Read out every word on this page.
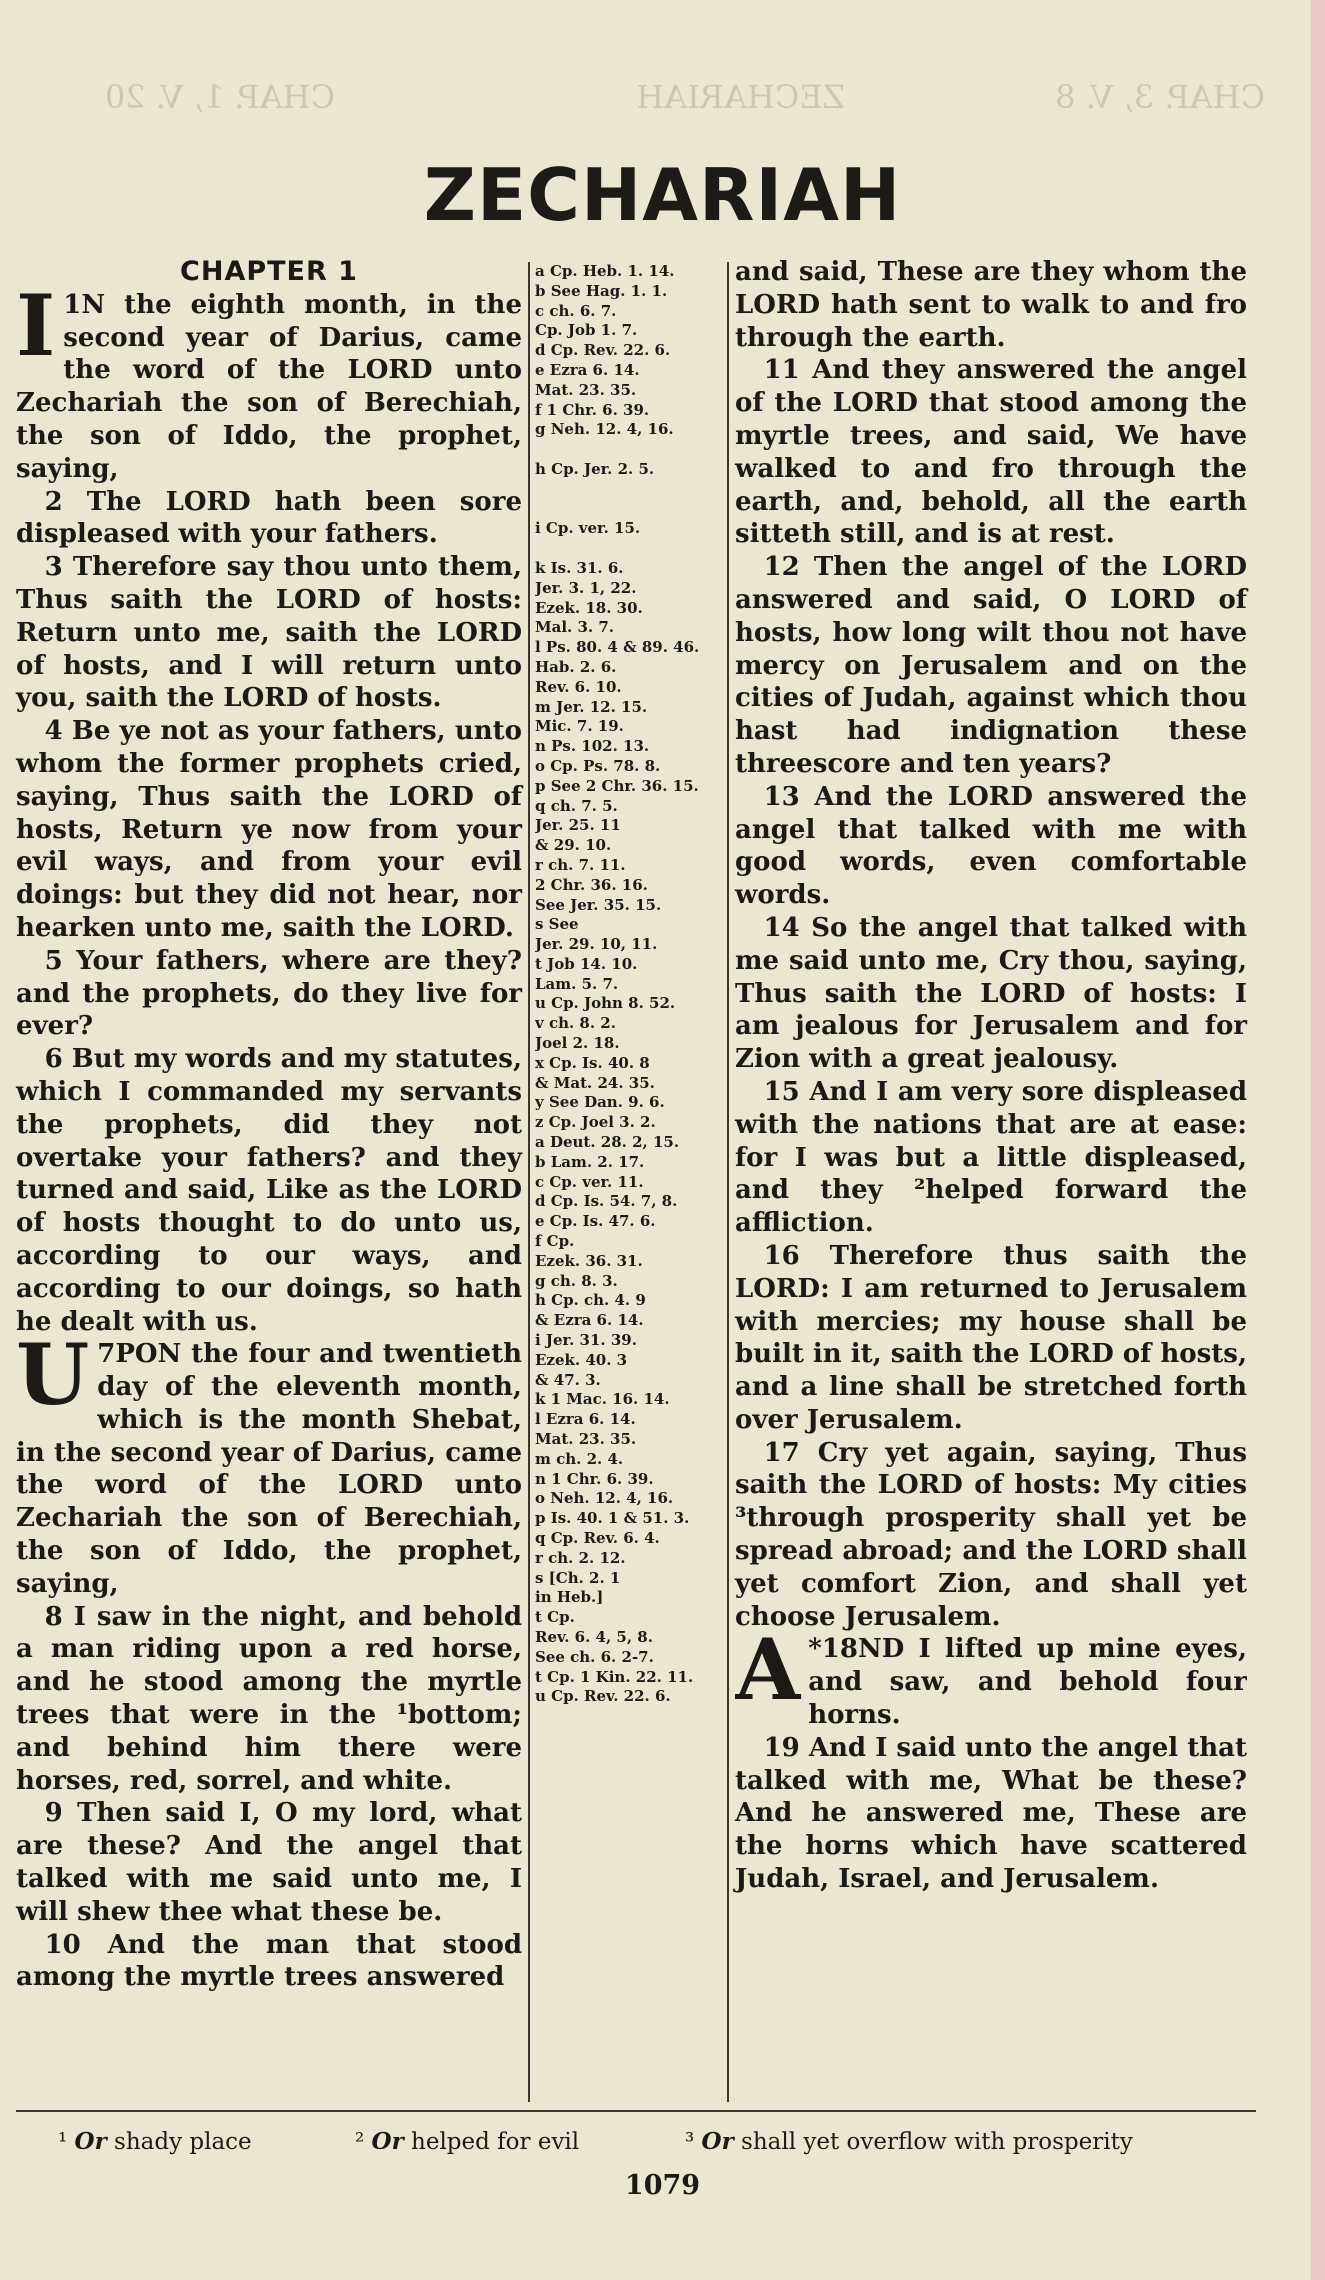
CHAP. 3, V. 8
ZECHARIAH
CHAP. 1, V. 20
ZECHARIAH

CHAPTER 1

1
I N the eighth month, in the second year of Darius, came the word of the LORD unto Zechariah the son of Berechiah, the son of Iddo, the prophet, saying,

2 The LORD hath been sore displeased with your fathers.

3 Therefore say thou unto them, Thus saith the LORD of hosts: Return unto me, saith the LORD of hosts, and I will return unto you, saith the LORD of hosts.

4 Be ye not as your fathers, unto whom the former prophets cried, saying, Thus saith the LORD of hosts, Return ye now from your evil ways, and from your evil doings: but they did not hear, nor hearken unto me, saith the LORD.

5 Your fathers, where are they? and the prophets, do they live for ever?

6 But my words and my statutes, which I commanded my servants the prophets, did they not overtake your fathers? and they turned and said, Like as the LORD of hosts thought to do unto us, according to our ways, and according to our doings, so hath he dealt with us.

7
U PON the four and twentieth day of the eleventh month, which is the month Shebat, in the second year of Darius, came the word of the LORD unto Zechariah the son of Berechiah, the son of Iddo, the prophet, saying,

8 I saw in the night, and behold a man riding upon a red horse, and he stood among the myrtle trees that were in the ¹bottom; and behind him there were horses, red, sorrel, and white.

9 Then said I, O my lord, what are these? And the angel that talked with me said unto me, I will shew thee what these be.

10 And the man that stood among the myrtle trees answered

a Cp. Heb. 1. 14.
b See Hag. 1. 1.
c ch. 6. 7.
Cp. Job 1. 7.
d Cp. Rev. 22. 6.
e Ezra 6. 14.
Mat. 23. 35.
f 1 Chr. 6. 39.
g Neh. 12. 4, 16.

h Cp. Jer. 2. 5.

i Cp. ver. 15.

k Is. 31. 6.
Jer. 3. 1, 22.
Ezek. 18. 30.
Mal. 3. 7.
l Ps. 80. 4 & 89. 46.
Hab. 2. 6.
Rev. 6. 10.
m Jer. 12. 15.
Mic. 7. 19.
n Ps. 102. 13.
o Cp. Ps. 78. 8.
p See 2 Chr. 36. 15.
q ch. 7. 5.
Jer. 25. 11
& 29. 10.
r ch. 7. 11.
2 Chr. 36. 16.
See Jer. 35. 15.
s See
Jer. 29. 10, 11.
t Job 14. 10.
Lam. 5. 7.
u Cp. John 8. 52.
v ch. 8. 2.
Joel 2. 18.
x Cp. Is. 40. 8
& Mat. 24. 35.
y See Dan. 9. 6.
z Cp. Joel 3. 2.
a Deut. 28. 2, 15.
b Lam. 2. 17.
c Cp. ver. 11.
d Cp. Is. 54. 7, 8.
e Cp. Is. 47. 6.
f Cp.
Ezek. 36. 31.
g ch. 8. 3.
h Cp. ch. 4. 9
& Ezra 6. 14.
i Jer. 31. 39.
Ezek. 40. 3
& 47. 3.
k 1 Mac. 16. 14.
l Ezra 6. 14.
Mat. 23. 35.
m ch. 2. 4.
n 1 Chr. 6. 39.
o Neh. 12. 4, 16.
p Is. 40. 1 & 51. 3.
q Cp. Rev. 6. 4.
r ch. 2. 12.
s [Ch. 2. 1
in Heb.]
t Cp.
Rev. 6. 4, 5, 8.
See ch. 6. 2-7.
t Cp. 1 Kin. 22. 11.
u Cp. Rev. 22. 6.

and said, These are they whom the LORD hath sent to walk to and fro through the earth.

11 And they answered the angel of the LORD that stood among the myrtle trees, and said, We have walked to and fro through the earth, and, behold, all the earth sitteth still, and is at rest.

12 Then the angel of the LORD answered and said, O LORD of hosts, how long wilt thou not have mercy on Jerusalem and on the cities of Judah, against which thou hast had indignation these threescore and ten years?

13 And the LORD answered the angel that talked with me with good words, even comfortable words.

14 So the angel that talked with me said unto me, Cry thou, saying, Thus saith the LORD of hosts: I am jealous for Jerusalem and for Zion with a great jealousy.

15 And I am very sore displeased with the nations that are at ease: for I was but a little displeased, and they ²helped forward the affliction.

16 Therefore thus saith the LORD: I am returned to Jerusalem with mercies; my house shall be built in it, saith the LORD of hosts, and a line shall be stretched forth over Jerusalem.

17 Cry yet again, saying, Thus saith the LORD of hosts: My cities ³through prosperity shall yet be spread abroad; and the LORD shall yet comfort Zion, and shall yet choose Jerusalem.

*18
A ND I lifted up mine eyes, and saw, and behold four horns.

19 And I said unto the angel that talked with me, What be these? And he answered me, These are the horns which have scattered Judah, Israel, and Jerusalem.

¹ Or shady place	² Or helped for evil	³ Or shall yet overflow with prosperity
1079
